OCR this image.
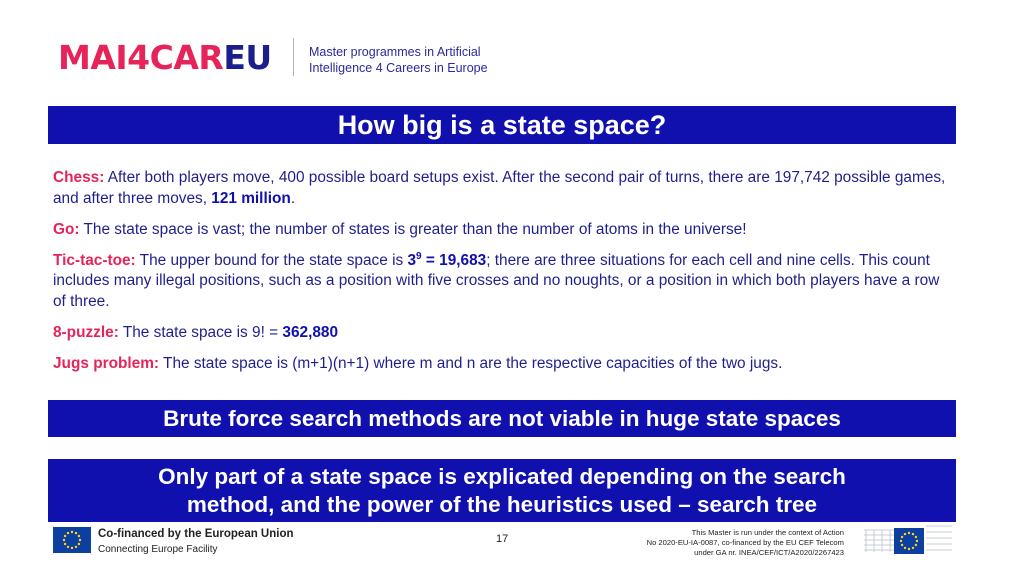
MAI4CAREU	Master programmes in Artificial
Intelligence 4 Careers in Europe
How big is a state space?

Chess: After both players move, 400 possible board setups exist. After the second pair of turns, there are 197,742 possible games, and after three moves, 121 million.

Go: The state space is vast; the number of states is greater than the number of atoms in the universe!

Tic-tac-toe: The upper bound for the state space is $3^9 = 19,683$; there are three situations for each cell and nine cells. This count includes many illegal positions, such as a position with five crosses and no noughts, or a position in which both players have a row of three.

8-puzzle: The state space is 9! = 362,880

Jugs problem: The state space is (m+1)(n+1) where m and n are the respective capacities of the two jugs.

Brute force search methods are not viable in huge state spaces
Only part of a state space is explicated depending on the search
method, and the power of the heuristics used – search tree
Co-financed by the European Union
Connecting Europe Facility
17
This Master is run under the context of Action
No 2020-EU-IA-0087, co-financed by the EU CEF Telecom
under GA nr. INEA/CEF/ICT/A2020/2267423
